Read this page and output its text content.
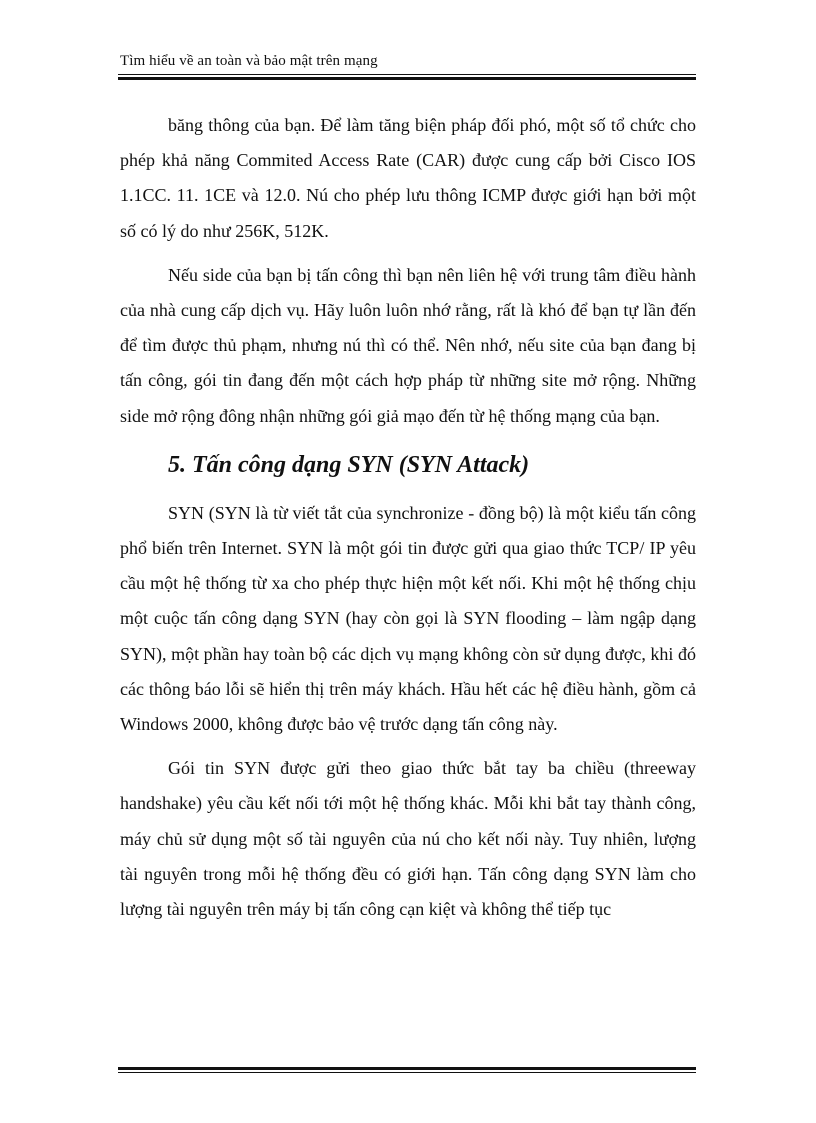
Tìm hiểu về an toàn và bảo mật trên mạng

băng thông của bạn. Để làm tăng biện pháp đối phó, một số tổ chức cho phép khả năng Commited Access Rate (CAR) được cung cấp bởi Cisco IOS 1.1CC. 11. 1CE và 12.0. Nú cho phép lưu thông ICMP được giới hạn bởi một số có lý do như 256K, 512K.

Nếu side của bạn bị tấn công thì bạn nên liên hệ với trung tâm điều hành của nhà cung cấp dịch vụ. Hãy luôn luôn nhớ rằng, rất là khó để bạn tự lần đến để tìm được thủ phạm, nhưng nú thì có thể. Nên nhớ, nếu site của bạn đang bị tấn công, gói tin đang đến một cách hợp pháp từ những site mở rộng. Những side mở rộng đông nhận những gói giả mạo đến từ hệ thống mạng của bạn.

5. Tấn công dạng SYN (SYN Attack)

SYN (SYN là từ viết tắt của synchronize - đồng bộ) là một kiểu tấn công phổ biến trên Internet. SYN là một gói tin được gửi qua giao thức TCP/ IP yêu cầu một hệ thống từ xa cho phép thực hiện một kết nối. Khi một hệ thống chịu một cuộc tấn công dạng SYN (hay còn gọi là SYN flooding – làm ngập dạng SYN), một phần hay toàn bộ các dịch vụ mạng không còn sử dụng được, khi đó các thông báo lỗi sẽ hiển thị trên máy khách. Hầu hết các hệ điều hành, gồm cả Windows 2000, không được bảo vệ trước dạng tấn công này.

Gói tin SYN được gửi theo giao thức bắt tay ba chiều (threeway handshake) yêu cầu kết nối tới một hệ thống khác. Mỗi khi bắt tay thành công, máy chủ sử dụng một số tài nguyên của nú cho kết nối này. Tuy nhiên, lượng tài nguyên trong mỗi hệ thống đều có giới hạn. Tấn công dạng SYN làm cho lượng tài nguyên trên máy bị tấn công cạn kiệt và không thể tiếp tục
